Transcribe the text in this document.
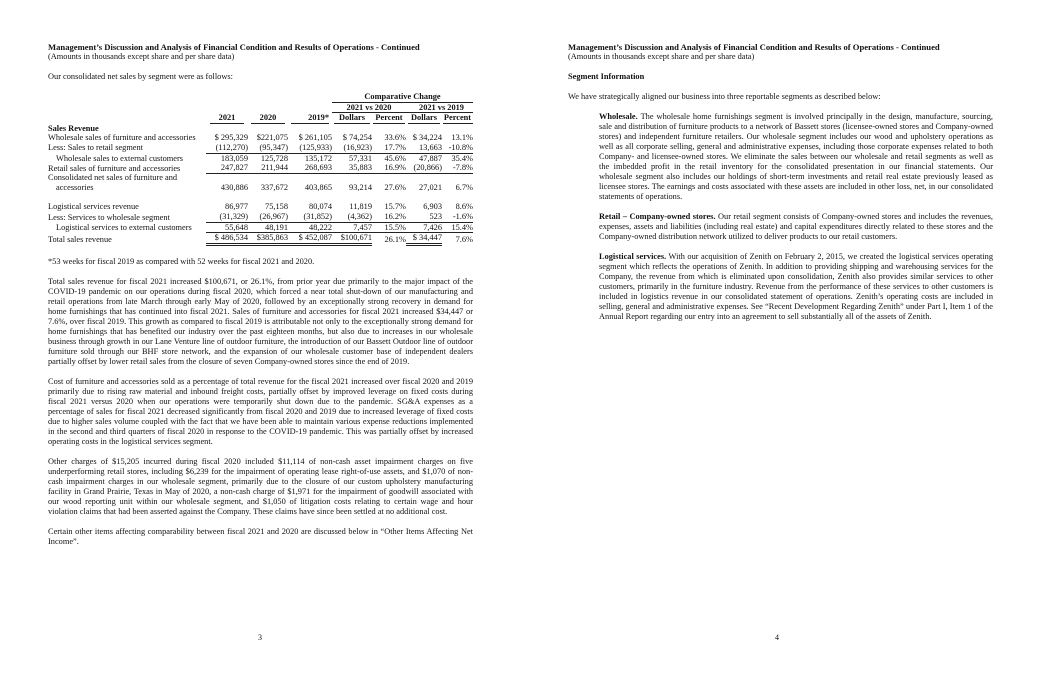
Management’s Discussion and Analysis of Financial Condition and Results of Operations - Continued
(Amounts in thousands except share and per share data)

Our consolidated net sales by segment were as follows:

				Comparative Change			
				2021 vs 2020		2021 vs 2019	
	2021	2020	2019*	Dollars	Percent	Dollars	Percent
Sales Revenue							
Wholesale sales of furniture and accessories	$ 295,329	$221,075	$ 261,105	$ 74,254	33.6%	$ 34,224	13.1%
Less: Sales to retail segment	(112,270)	(95,347)	(125,933)	(16,923)	17.7%	13,663	-10.8%
Wholesale sales to external customers	183,059	125,728	135,172	57,331	45.6%	47,887	35.4%
Retail sales of furniture and accessories	247,827	211,944	268,693	35,883	16.9%	(20,866)	-7.8%
Consolidated net sales of furniture and							
accessories	430,886	337,672	403,865	93,214	27.6%	27,021	6.7%

Logistical services revenue	86,977	75,158	80,074	11,819	15.7%	6,903	8.6%
Less: Services to wholesale segment	(31,329)	(26,967)	(31,852)	(4,362)	16.2%	523	-1.6%
Logistical services to external customers	55,648	48,191	48,222	7,457	15.5%	7,426	15.4%
Total sales revenue	$ 486,534	$385,863	$ 452,087	$100,671	26.1%	$ 34,447	7.6%

*53 weeks for fiscal 2019 as compared with 52 weeks for fiscal 2021 and 2020.

Total sales revenue for fiscal 2021 increased $100,671, or 26.1%, from prior year due primarily to the major impact of the COVID-19 pandemic on our operations during fiscal 2020, which forced a near total shut-down of our manufacturing and retail operations from late March through early May of 2020, followed by an exceptionally strong recovery in demand for home furnishings that has continued into fiscal 2021. Sales of furniture and accessories for fiscal 2021 increased $34,447 or 7.6%, over fiscal 2019. This growth as compared to fiscal 2019 is attributable not only to the exceptionally strong demand for home furnishings that has benefited our industry over the past eighteen months, but also due to increases in our wholesale business through growth in our Lane Venture line of outdoor furniture, the introduction of our Bassett Outdoor line of outdoor furniture sold through our BHF store network, and the expansion of our wholesale customer base of independent dealers partially offset by lower retail sales from the closure of seven Company-owned stores since the end of 2019.

Cost of furniture and accessories sold as a percentage of total revenue for the fiscal 2021 increased over fiscal 2020 and 2019 primarily due to rising raw material and inbound freight costs, partially offset by improved leverage on fixed costs during fiscal 2021 versus 2020 when our operations were temporarily shut down due to the pandemic. SG&A expenses as a percentage of sales for fiscal 2021 decreased significantly from fiscal 2020 and 2019 due to increased leverage of fixed costs due to higher sales volume coupled with the fact that we have been able to maintain various expense reductions implemented in the second and third quarters of fiscal 2020 in response to the COVID-19 pandemic. This was partially offset by increased operating costs in the logistical services segment.

Other charges of $15,205 incurred during fiscal 2020 included $11,114 of non-cash asset impairment charges on five underperforming retail stores, including $6,239 for the impairment of operating lease right-of-use assets, and $1,070 of non-cash impairment charges in our wholesale segment, primarily due to the closure of our custom upholstery manufacturing facility in Grand Prairie, Texas in May of 2020, a non-cash charge of $1,971 for the impairment of goodwill associated with our wood reporting unit within our wholesale segment, and $1,050 of litigation costs relating to certain wage and hour violation claims that had been asserted against the Company. These claims have since been settled at no additional cost.

Certain other items affecting comparability between fiscal 2021 and 2020 are discussed below in “Other Items Affecting Net Income”.

3
Management’s Discussion and Analysis of Financial Condition and Results of Operations - Continued
(Amounts in thousands except share and per share data)
Segment Information

We have strategically aligned our business into three reportable segments as described below:

Wholesale. The wholesale home furnishings segment is involved principally in the design, manufacture, sourcing, sale and distribution of furniture products to a network of Bassett stores (licensee-owned stores and Company-owned stores) and independent furniture retailers. Our wholesale segment includes our wood and upholstery operations as well as all corporate selling, general and administrative expenses, including those corporate expenses related to both Company- and licensee-owned stores. We eliminate the sales between our wholesale and retail segments as well as the imbedded profit in the retail inventory for the consolidated presentation in our financial statements. Our wholesale segment also includes our holdings of short-term investments and retail real estate previously leased as licensee stores. The earnings and costs associated with these assets are included in other loss, net, in our consolidated statements of operations.

Retail – Company-owned stores. Our retail segment consists of Company-owned stores and includes the revenues, expenses, assets and liabilities (including real estate) and capital expenditures directly related to these stores and the Company-owned distribution network utilized to deliver products to our retail customers.

Logistical services. With our acquisition of Zenith on February 2, 2015, we created the logistical services operating segment which reflects the operations of Zenith. In addition to providing shipping and warehousing services for the Company, the revenue from which is eliminated upon consolidation, Zenith also provides similar services to other customers, primarily in the furniture industry. Revenue from the performance of these services to other customers is included in logistics revenue in our consolidated statement of operations. Zenith’s operating costs are included in selling, general and administrative expenses. See “Recent Development Regarding Zenith” under Part I, Item 1 of the Annual Report regarding our entry into an agreement to sell substantially all of the assets of Zenith.

4
